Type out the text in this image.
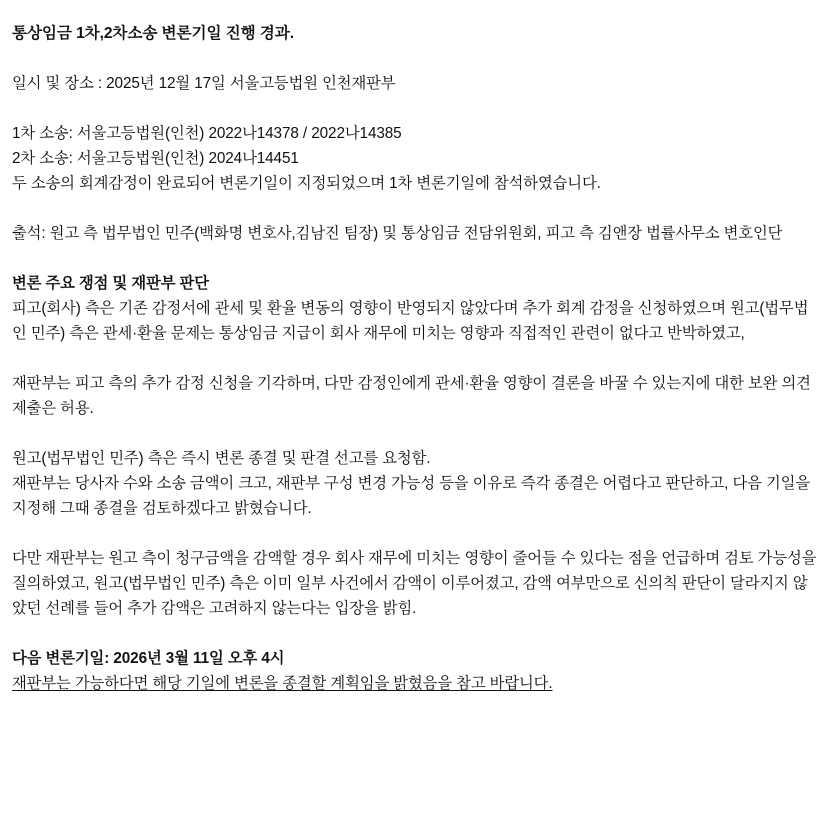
통상임금 1차,2차소송 변론기일 진행 경과.
일시 및 장소 : 2025년 12월 17일 서울고등법원 인천재판부
1차 소송: 서울고등법원(인천) 2022나14378 / 2022나14385
2차 소송: 서울고등법원(인천) 2024나14451
두 소송의 회계감정이 완료되어 변론기일이 지정되었으며 1차 변론기일에 참석하였습니다.
출석: 원고 측 법무법인 민주(백화명 변호사,김남진 팀장) 및 통상임금 전담위원회, 피고 측 김앤장 법률사무소 변호인단
변론 주요 쟁점 및 재판부 판단
피고(회사) 측은 기존 감정서에 관세 및 환율 변동의 영향이 반영되지 않았다며 추가 회계 감정을 신청하였으며 원고(법무법인 민주) 측은 관세·환율 문제는 통상임금 지급이 회사 재무에 미치는 영향과 직접적인 관련이 없다고 반박하였고,
재판부는 피고 측의 추가 감정 신청을 기각하며, 다만 감정인에게 관세·환율 영향이 결론을 바꿀 수 있는지에 대한 보완 의견 제출은 허용.
원고(법무법인 민주) 측은 즉시 변론 종결 및 판결 선고를 요청함.
재판부는 당사자 수와 소송 금액이 크고, 재판부 구성 변경 가능성 등을 이유로 즉각 종결은 어렵다고 판단하고, 다음 기일을 지정해 그때 종결을 검토하겠다고 밝혔습니다.
다만 재판부는 원고 측이 청구금액을 감액할 경우 회사 재무에 미치는 영향이 줄어들 수 있다는 점을 언급하며 검토 가능성을 질의하였고, 원고(법무법인 민주) 측은 이미 일부 사건에서 감액이 이루어졌고, 감액 여부만으로 신의칙 판단이 달라지지 않았던 선례를 들어 추가 감액은 고려하지 않는다는 입장을 밝힘.
다음 변론기일: 2026년 3월 11일 오후 4시
재판부는 가능하다면 해당 기일에 변론을 종결할 계획임을 밝혔음을 참고 바랍니다.
